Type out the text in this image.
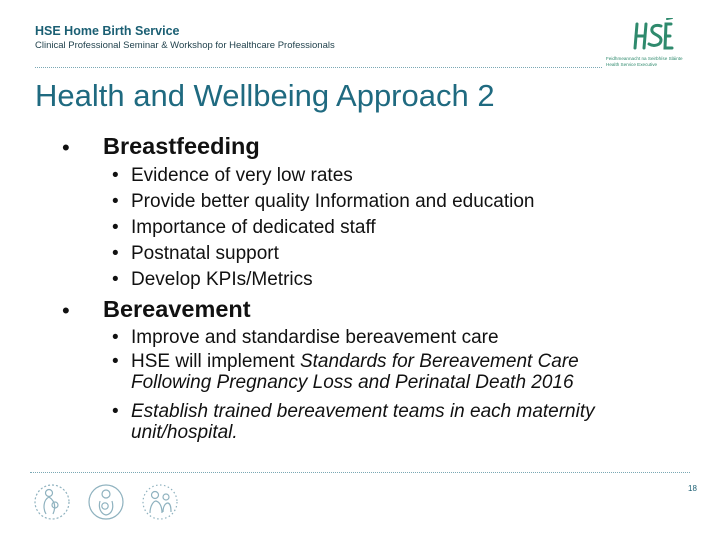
HSE Home Birth Service
Clinical Professional Seminar & Workshop for Healthcare Professionals
Feidhmeannacht na Seirbhíse Sláinte
Health Service Executive
Health and Wellbeing Approach 2
• Breastfeeding
• Evidence of very low rates
• Provide better quality Information and education
• Importance of dedicated staff
• Postnatal support
• Develop KPIs/Metrics
• Bereavement
• Improve and standardise bereavement care
• HSE will implement Standards for Bereavement Care
Following Pregnancy Loss and Perinatal Death 2016
• Establish trained bereavement teams in each maternity
unit/hospital.
18
